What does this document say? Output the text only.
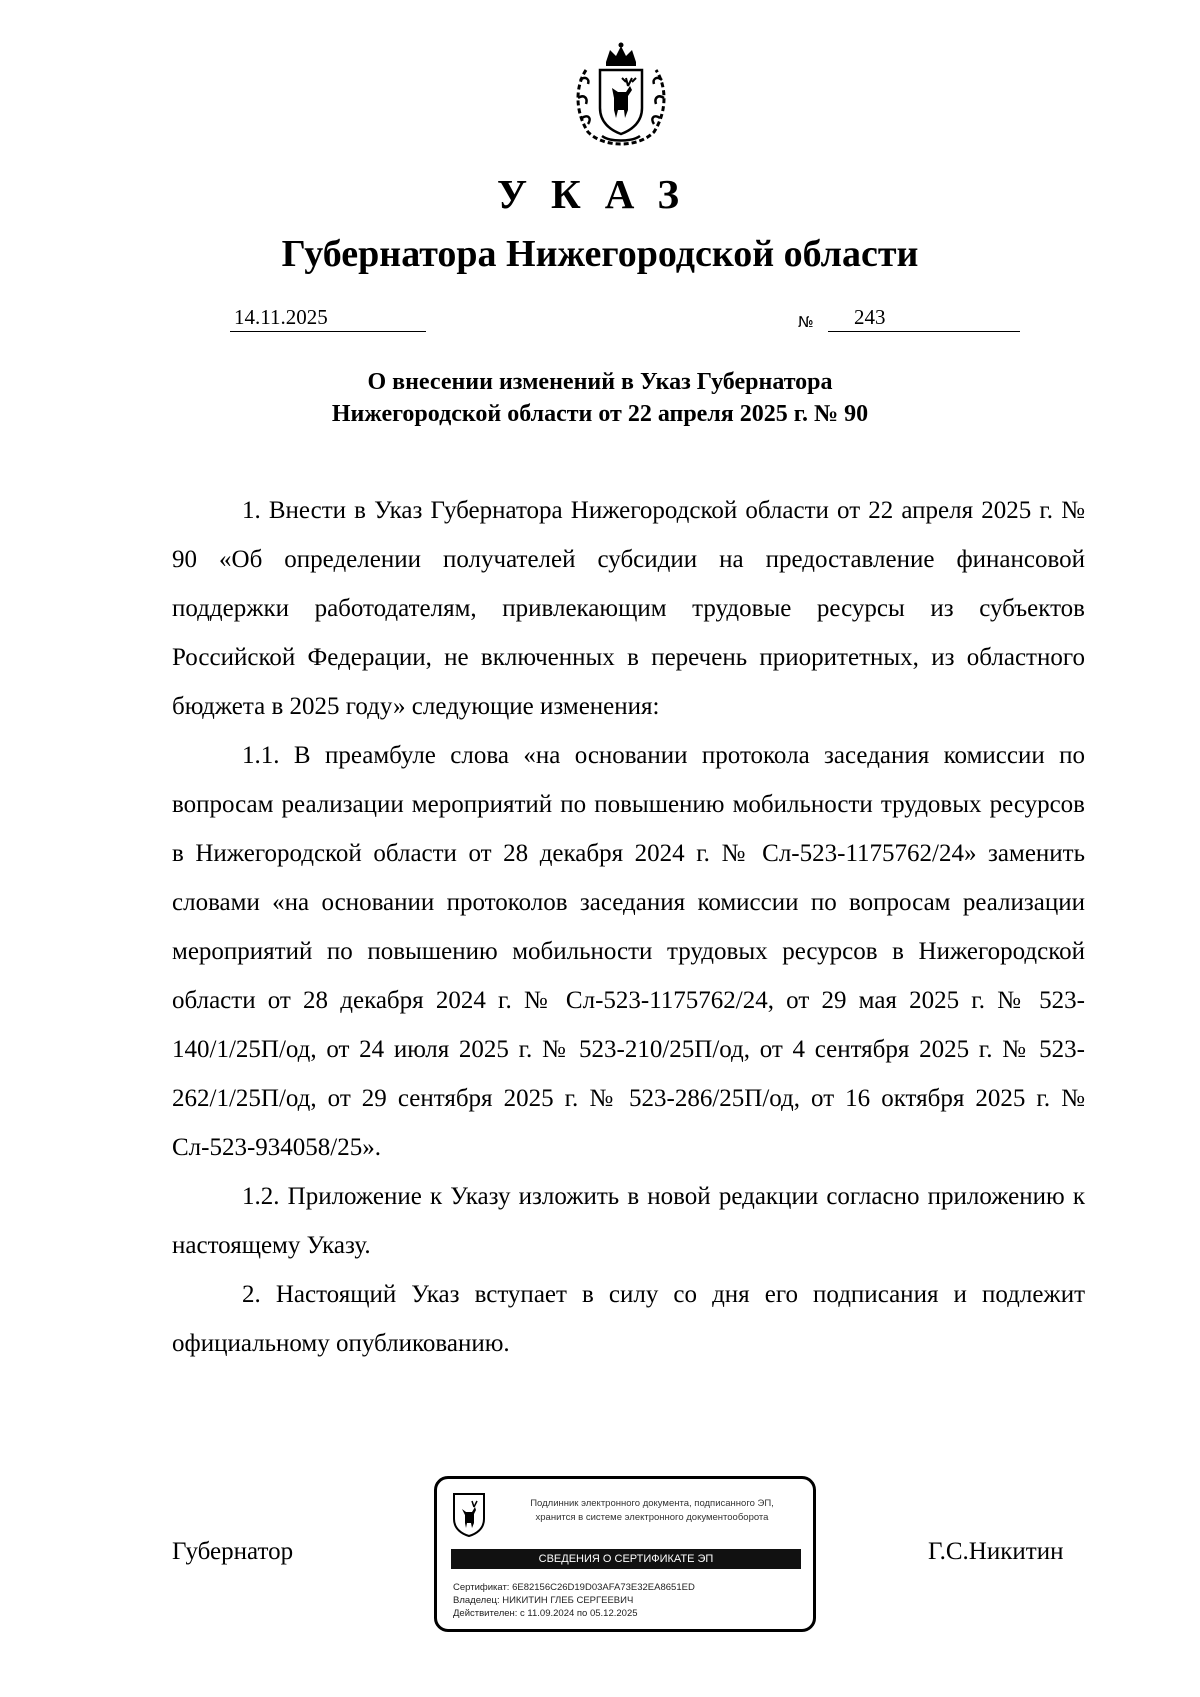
УКАЗ
Губернатора Нижегородской области
14.11.2025	№ 243
О внесении изменений в Указ Губернатора
Нижегородской области от 22 апреля 2025 г. № 90

1. Внести в Указ Губернатора Нижегородской области от 22 апреля 2025 г. № 90 «Об определении получателей субсидии на предоставление финансовой поддержки работодателям, привлекающим трудовые ресурсы из субъектов Российской Федерации, не включенных в перечень приоритетных, из областного бюджета в 2025 году» следующие изменения:

1.1. В преамбуле слова «на основании протокола заседания комиссии по вопросам реализации мероприятий по повышению мобильности трудовых ресурсов в Нижегородской области от 28 декабря 2024 г. № Сл-523-1175762/24» заменить словами «на основании протоколов заседания комиссии по вопросам реализации мероприятий по повышению мобильности трудовых ресурсов в Нижегородской области от 28 декабря 2024 г. № Сл-523-1175762/24, от 29 мая 2025 г. № 523-140/1/25П/од, от 24 июля 2025 г. № 523-210/25П/од, от 4 сентября 2025 г. № 523-262/1/25П/од, от 29 сентября 2025 г. № 523-286/25П/од, от 16 октября 2025 г. № Сл-523-934058/25».

1.2. Приложение к Указу изложить в новой редакции согласно приложению к настоящему Указу.

2. Настоящий Указ вступает в силу со дня его подписания и подлежит официальному опубликованию.

Губернатор	Г.С.Никитин
Подлинник электронного документа, подписанного ЭП,
хранится в системе электронного документооборота
СВЕДЕНИЯ О СЕРТИФИКАТЕ ЭП
Сертификат: 6E82156C26D19D03AFA73E32EA8651ED
Владелец: НИКИТИН ГЛЕБ СЕРГЕЕВИЧ
Действителен: с 11.09.2024 по 05.12.2025
